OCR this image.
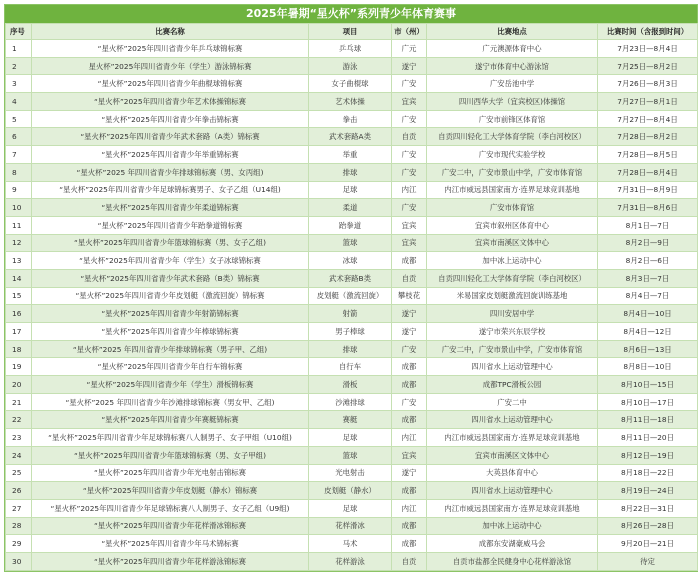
2025年暑期“星火杯”系列青少年体育赛事
序号	比赛名称	项目	市（州）	比赛地点	比赛时间（含报到时间）
1	“星火杯”2025年四川省青少年乒乓球锦标赛	乒乓球	广元	广元澳源体育中心	7月23日—8月4日
2	星火杯”2025年四川省青少年（学生）游泳锦标赛	游泳	遂宁	遂宁市体育中心游泳馆	7月25日—8月2日
3	“星火杯”2025年四川省青少年曲棍球锦标赛	女子曲棍球	广安	广安岳池中学	7月26日—8月3日
4	“星火杯”2025年四川省青少年艺术体操锦标赛	艺术体操	宜宾	四川西华大学（宜宾校区)体操馆	7月27日—8月1日
5	“星火杯”2025年四川省青少年拳击锦标赛	拳击	广安	广安市前锋区体育馆	7月27日—8月4日
6	“星火杯”2025年四川省青少年武术套路（A类）锦标赛	武术套路A类	自贡	自贡四川轻化工大学体育学院（李白河校区）	7月28日—8月2日
7	“星火杯”2025年四川省青少年举重锦标赛	举重	广安	广安市现代实验学校	7月28日—8月5日
8	“星火杯”2025 年四川省青少年排球锦标赛（男、女丙组)	排球	广安	广安二中，广安市景山中学，广安市体育馆	7月28日—8月4日
9	“星火杯”2025年四川省青少年足球锦标赛男子、女子乙组（U14组)	足球	内江	内江市威远县国家南方·连界足球竞训基地	7月31日—8月9日
10	“星火杯”2025年四川省青少年柔道锦标赛	柔道	广安	广安市体育馆	7月31日—8月6日
11	“星火杯”2025年四川省青少年跆拳道锦标赛	跆拳道	宜宾	宜宾市叙州区体育中心	8月1日—7日
12	“星火杯”2025年四川省青少年篮球锦标赛（男、女子乙组)	篮球	宜宾	宜宾市南溪区文体中心	8月2日—9日
13	“星火杯”2025年四川省青少年（学生）女子冰球锦标赛	冰球	成都	加中冰上运动中心	8月2日—6日
14	“星火杯”2025年四川省青少年武术套路（B类）锦标赛	武术套路B类	自贡	自贡四川轻化工大学体育学院（李白河校区）	8月3日—7日
15	“星火杯”2025年四川省青少年皮划艇（激流回旋）锦标赛	皮划艇（激流回旋）	攀枝花	米易国家皮划艇激流回旋训练基地	8月4日—7日
16	“星火杯”2025年四川省青少年射箭锦标赛	射箭	遂宁	四川安居中学	8月4日—10日
17	“星火杯”2025年四川省青少年棒球锦标赛	男子棒球	遂宁	遂宁市荣兴东辰学校	8月4日—12日
18	“星火杯”2025 年四川省青少年排球锦标赛（男子甲、乙组)	排球	广安	广安二中，广安市景山中学，广安市体育馆	8月6日—13日
19	“星火杯”2025年四川省青少年自行车锦标赛	自行车	成都	四川省水上运动管理中心	8月8日—10日
20	“星火杯”2025年四川省青少年（学生）滑板锦标赛	滑板	成都	成都TPC滑板公园	8月10日—15日
21	“星火杯”2025 年四川省青少年沙滩排球锦标赛（男女甲、乙组)	沙滩排球	广安	广安二中	8月10日—17日
22	“星火杯”2025年四川省青少年赛艇锦标赛	赛艇	成都	四川省水上运动管理中心	8月11日—18日
23	“星火杯”2025年四川省青少年足球锦标赛八人制男子、女子甲组（U10组)	足球	内江	内江市威远县国家南方·连界足球竞训基地	8月11日—20日
24	“星火杯”2025年四川省青少年篮球锦标赛（男、女子甲组)	篮球	宜宾	宜宾市南溪区文体中心	8月12日—19日
25	“星火杯”2025年四川省青少年光电射击锦标赛	光电射击	遂宁	大英县体育中心	8月18日—22日
26	“星火杯”2025年四川省青少年皮划艇（静水）锦标赛	皮划艇（静水）	成都	四川省水上运动管理中心	8月19日—24日
27	“星火杯”2025年四川省青少年足球锦标赛八人制男子、女子乙组（U9组)	足球	内江	内江市威远县国家南方·连界足球竞训基地	8月22日—31日
28	“星火杯”2025年四川省青少年花样滑冰锦标赛	花样滑冰	成都	加中冰上运动中心	8月26日—28日
29	“星火杯”2025年四川省青少年马术锦标赛	马术	成都	成都东安湖豪威马会	9月20日—21日
30	“星火杯”2025年四川省青少年花样游泳锦标赛	花样游泳	自贡	自贡市盐都全民健身中心花样游泳馆	待定
